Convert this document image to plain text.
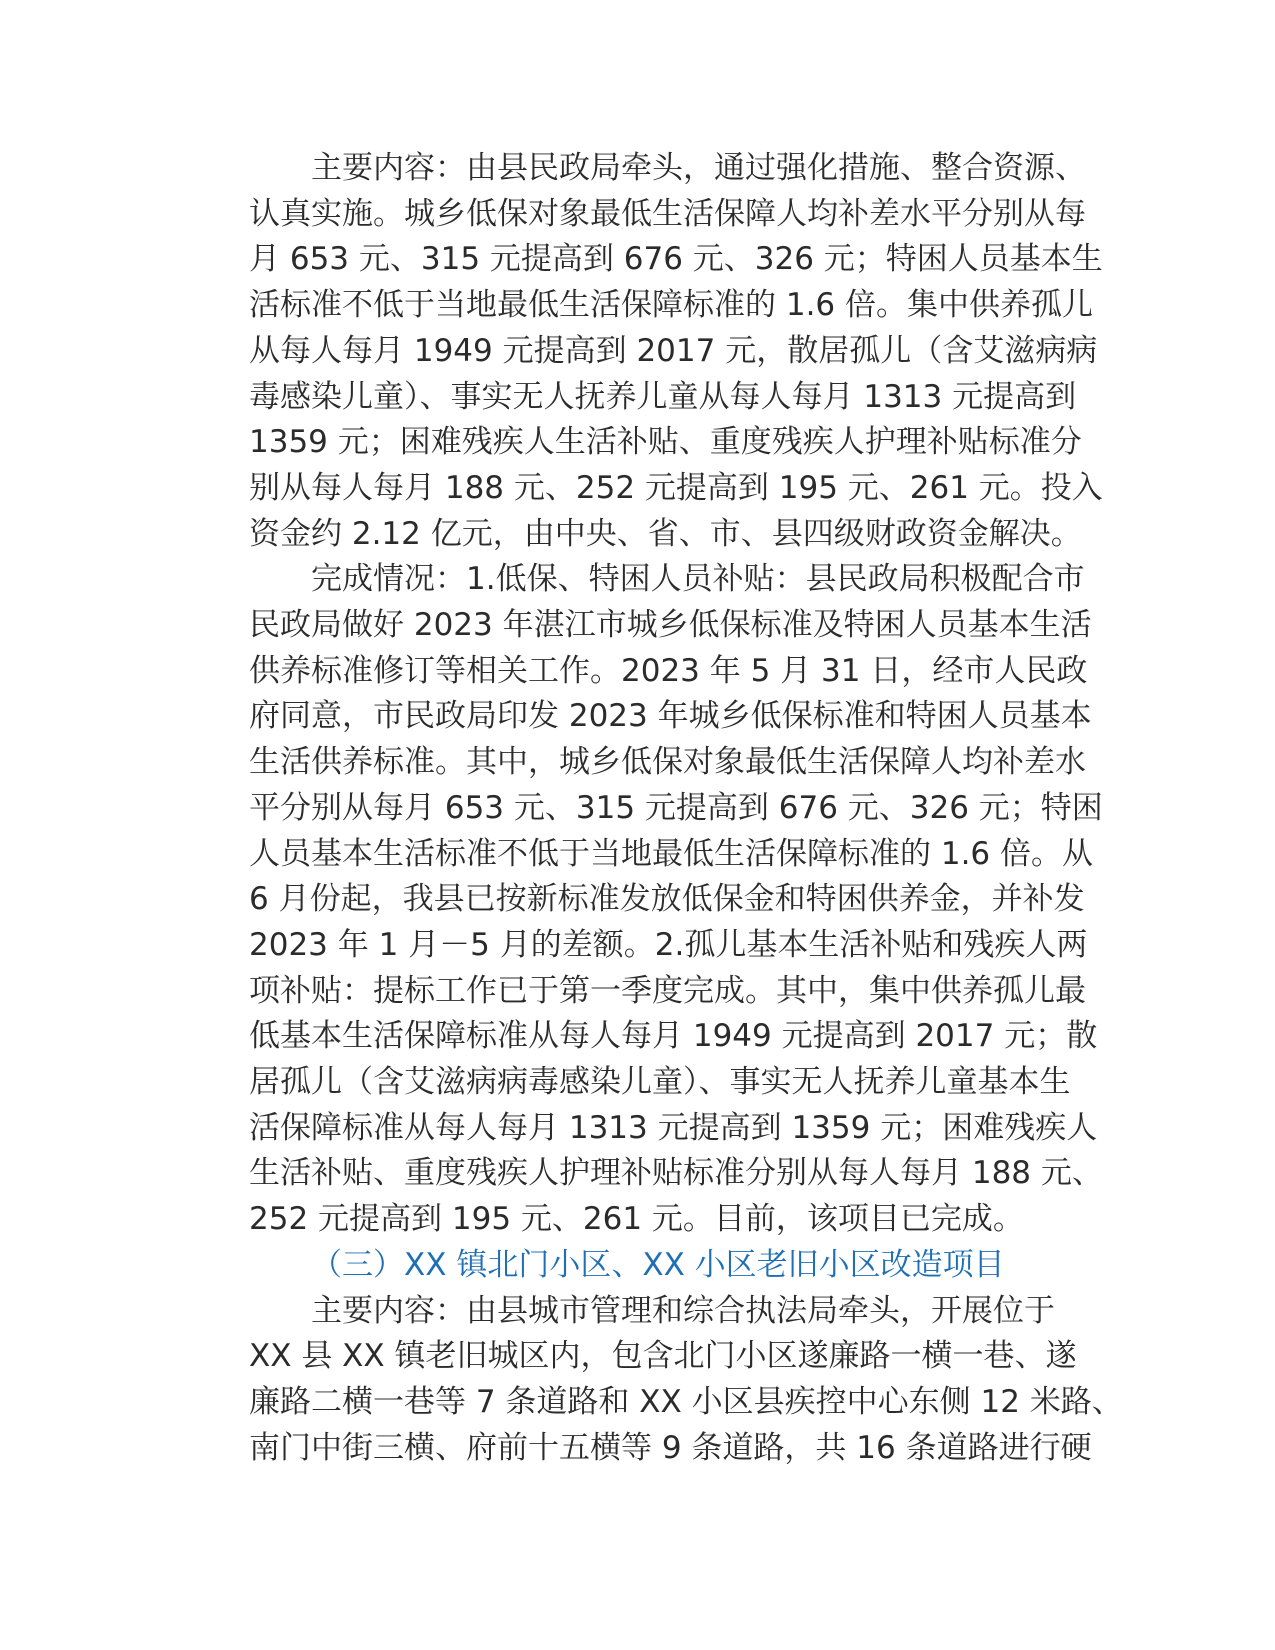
主要内容：由县民政局牵头，通过强化措施、整合资源、
认真实施。城乡低保对象最低生活保障人均补差水平分别从每
月 653 元、315 元提高到 676 元、326 元；特困人员基本生
活标准不低于当地最低生活保障标准的 1.6 倍。集中供养孤儿
从每人每月 1949 元提高到 2017 元，散居孤儿（含艾滋病病
毒感染儿童）、事实无人抚养儿童从每人每月 1313 元提高到
1359 元；困难残疾人生活补贴、重度残疾人护理补贴标准分
别从每人每月 188 元、252 元提高到 195 元、261 元。投入
资金约 2.12 亿元，由中央、省、市、县四级财政资金解决。

完成情况：1.低保、特困人员补贴：县民政局积极配合市
民政局做好 2023 年湛江市城乡低保标准及特困人员基本生活
供养标准修订等相关工作。2023 年 5 月 31 日，经市人民政
府同意，市民政局印发 2023 年城乡低保标准和特困人员基本
生活供养标准。其中，城乡低保对象最低生活保障人均补差水
平分别从每月 653 元、315 元提高到 676 元、326 元；特困
人员基本生活标准不低于当地最低生活保障标准的 1.6 倍。从
6 月份起，我县已按新标准发放低保金和特困供养金，并补发
2023 年 1 月－5 月的差额。2.孤儿基本生活补贴和残疾人两
项补贴：提标工作已于第一季度完成。其中，集中供养孤儿最
低基本生活保障标准从每人每月 1949 元提高到 2017 元；散
居孤儿（含艾滋病病毒感染儿童）、事实无人抚养儿童基本生
活保障标准从每人每月 1313 元提高到 1359 元；困难残疾人
生活补贴、重度残疾人护理补贴标准分别从每人每月 188 元、
252 元提高到 195 元、261 元。目前，该项目已完成。

（三）XX 镇北门小区、XX 小区老旧小区改造项目

主要内容：由县城市管理和综合执法局牵头，开展位于
XX 县 XX 镇老旧城区内，包含北门小区遂廉路一横一巷、遂
廉路二横一巷等 7 条道路和 XX 小区县疾控中心东侧 12 米路、
南门中街三横、府前十五横等 9 条道路，共 16 条道路进行硬
